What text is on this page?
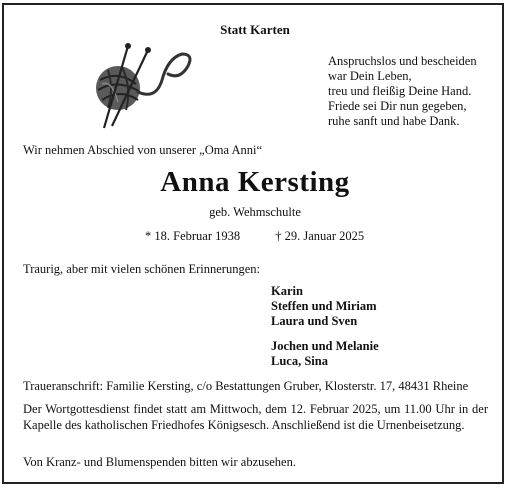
Statt Karten
Anspruchslos und bescheiden
war Dein Leben,
treu und fleißig Deine Hand.
Friede sei Dir nun gegeben,
ruhe sanft und habe Dank.
Wir nehmen Abschied von unserer „Oma Anni“
Anna Kersting
geb. Wehmschulte
* 18. Februar 1938	† 29. Januar 2025
Traurig, aber mit vielen schönen Erinnerungen:
Karin
Steffen und Miriam
Laura und Sven
Jochen und Melanie
Luca, Sina
Traueranschrift: Familie Kersting, c/o Bestattungen Gruber, Klosterstr. 17, 48431 Rheine
Der Wortgottesdienst findet statt am Mittwoch, dem 12. Februar 2025, um 11.00 Uhr in der Kapelle des katholischen Friedhofes Königsesch. Anschließend ist die Urnenbeisetzung.
Von Kranz- und Blumenspenden bitten wir abzusehen.
